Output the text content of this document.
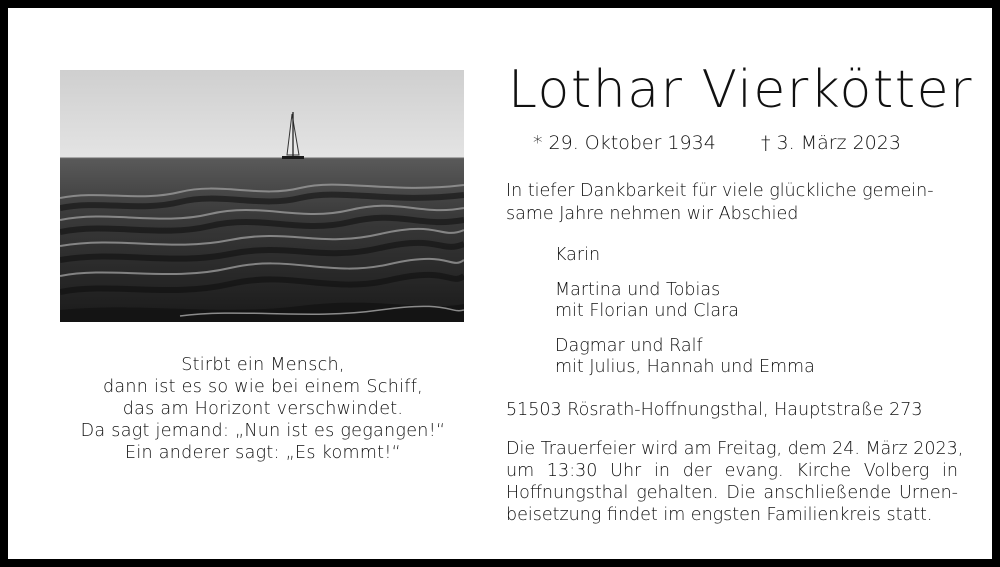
Stirbt ein Mensch,
dann ist es so wie bei einem Schiff,
das am Horizont verschwindet.
Da sagt jemand: „Nun ist es gegangen!“
Ein anderer sagt: „Es kommt!“
Lothar Vierkötter
* 29. Oktober 1934 † 3. März 2023
In tiefer Dankbarkeit für viele glückliche gemein-
same Jahre nehmen wir Abschied
Karin
Martina und Tobias
mit Florian und Clara
Dagmar und Ralf
mit Julius, Hannah und Emma
51503 Rösrath-Hoffnungsthal, Hauptstraße 273
Die Trauerfeier wird am Freitag, dem 24. März 2023,
um 13:30 Uhr in der evang. Kirche Volberg in
Hoffnungsthal gehalten. Die anschließende Urnen-
beisetzung findet im engsten Familienkreis statt.
